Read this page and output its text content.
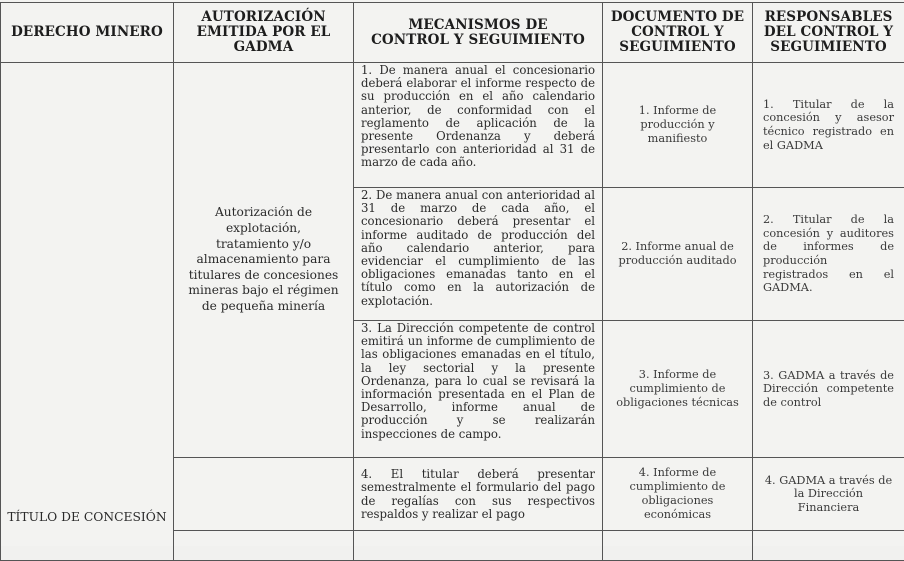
DERECHO MINERO	AUTORIZACIÓN EMITIDA POR EL GADMA	MECANISMOS DE CONTROL Y SEGUIMIENTO	DOCUMENTO DE CONTROL Y SEGUIMIENTO	RESPONSABLES DEL CONTROL Y SEGUIMIENTO

TÍTULO DE CONCESIÓN	Autorización de explotación, tratamiento y/o almacenamiento para titulares de concesiones mineras bajo el régimen de pequeña minería	1. De manera anual el concesionario deberá elaborar el informe respecto de su producción en el año calendario anterior, de conformidad con el reglamento de aplicación de la presente Ordenanza y deberá presentarlo con anterioridad al 31 de marzo de cada año.	1. Informe de producción y manifiesto	1. Titular de la concesión y asesor técnico registrado en el GADMA
		2. De manera anual con anterioridad al 31 de marzo de cada año, el concesionario deberá presentar el informe auditado de producción del año calendario anterior, para evidenciar el cumplimiento de las obligaciones emanadas tanto en el título como en la autorización de explotación.	2. Informe anual de producción auditado	2. Titular de la concesión y auditores de informes de producción registrados en el GADMA.
		3. La Dirección competente de control emitirá un informe de cumplimiento de las obligaciones emanadas en el título, la ley sectorial y la presente Ordenanza, para lo cual se revisará la información presentada en el Plan de Desarrollo, informe anual de producción y se realizarán inspecciones de campo.	3. Informe de cumplimiento de obligaciones técnicas	3. GADMA a través de Dirección competente de control
		4. El titular deberá presentar semestralmente el formulario del pago de regalías con sus respectivos respaldos y realizar el pago	4. Informe de cumplimiento de obligaciones económicas	4. GADMA a través de la Dirección Financiera
